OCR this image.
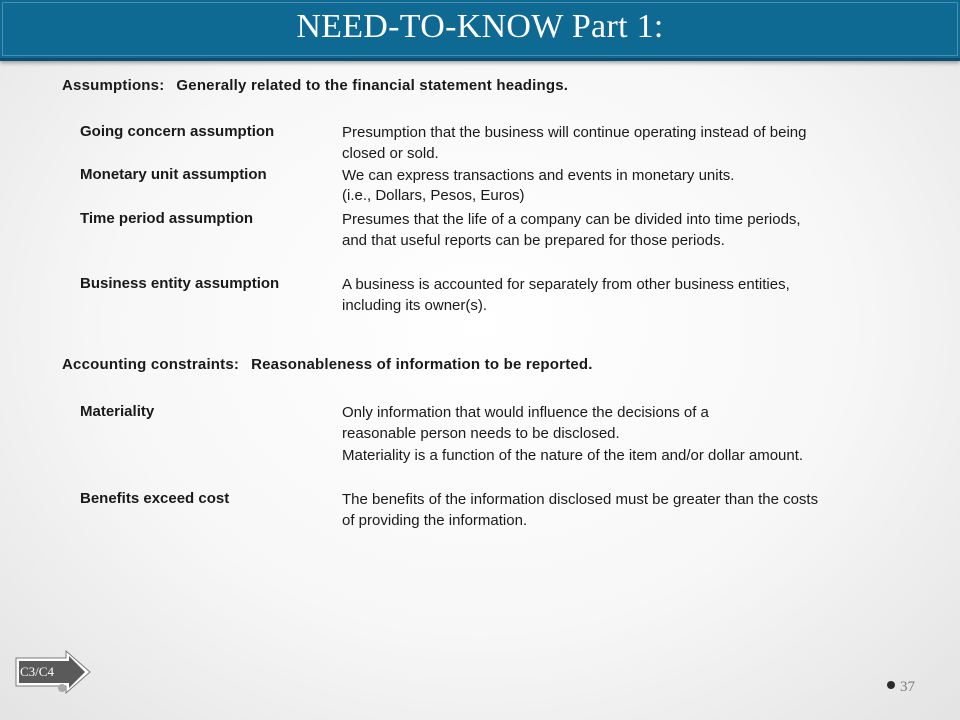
NEED-TO-KNOW Part 1:
Assumptions: Generally related to the financial statement headings.
Going concern assumption	Presumption that the business will continue operating instead of being closed or sold.
Monetary unit assumption	We can express transactions and events in monetary units.
(i.e., Dollars, Pesos, Euros)
Time period assumption	Presumes that the life of a company can be divided into time periods, and that useful reports can be prepared for those periods.
Business entity assumption	A business is accounted for separately from other business entities, including its owner(s).
Accounting constraints: Reasonableness of information to be reported.
Materiality	Only information that would influence the decisions of a reasonable person needs to be disclosed.
Materiality is a function of the nature of the item and/or dollar amount.
Benefits exceed cost	The benefits of the information disclosed must be greater than the costs of providing the information.
C3/C4
37
